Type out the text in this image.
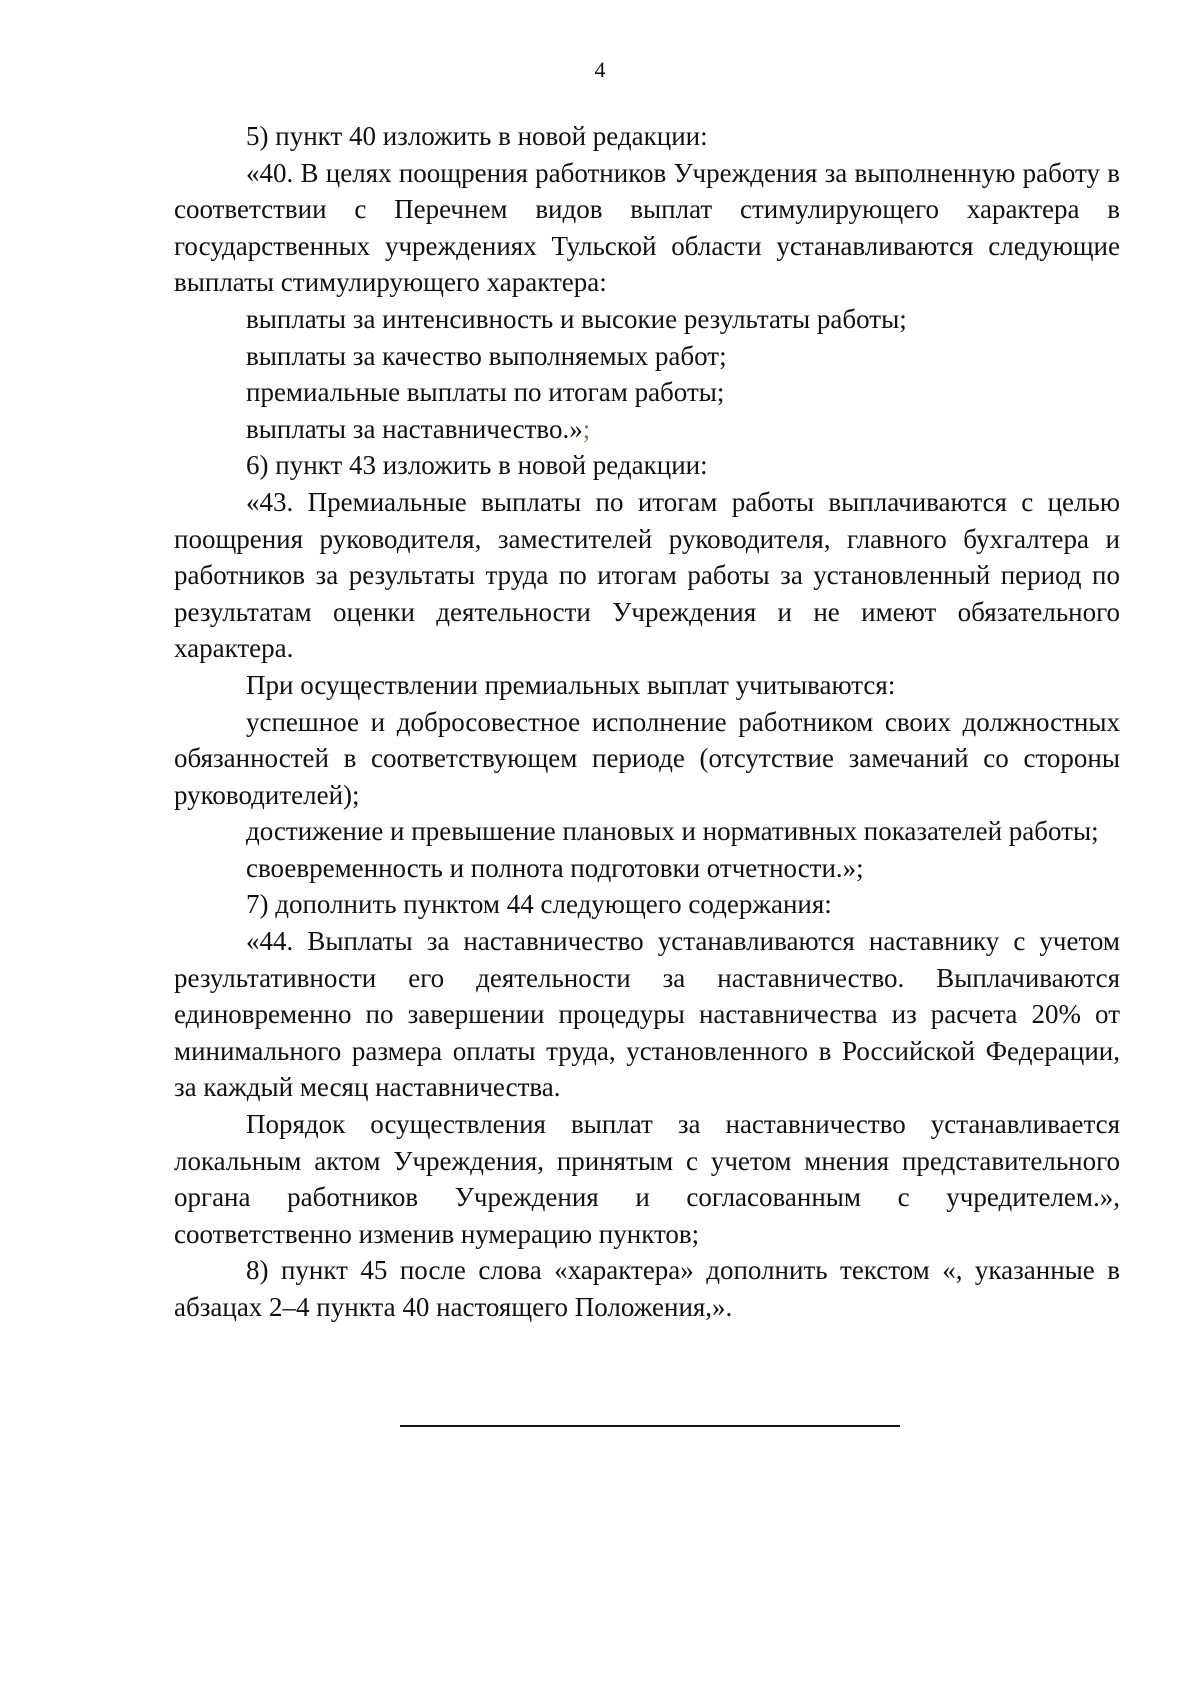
4

5) пункт 40 изложить в новой редакции:

«40. В целях поощрения работников Учреждения за выполненную работу в соответствии с Перечнем видов выплат стимулирующего характера в государственных учреждениях Тульской области устанавливаются следующие выплаты стимулирующего характера:

выплаты за интенсивность и высокие результаты работы;

выплаты за качество выполняемых работ;

премиальные выплаты по итогам работы;

выплаты за наставничество.»;

6) пункт 43 изложить в новой редакции:

«43. Премиальные выплаты по итогам работы выплачиваются с целью поощрения руководителя, заместителей руководителя, главного бухгалтера и работников за результаты труда по итогам работы за установленный период по результатам оценки деятельности Учреждения и не имеют обязательного характера.

При осуществлении премиальных выплат учитываются:

успешное и добросовестное исполнение работником своих должностных обязанностей в соответствующем периоде (отсутствие замечаний со стороны руководителей);

достижение и превышение плановых и нормативных показателей работы;

своевременность и полнота подготовки отчетности.»;

7) дополнить пунктом 44 следующего содержания:

«44. Выплаты за наставничество устанавливаются наставнику с учетом результативности его деятельности за наставничество. Выплачиваются единовременно по завершении процедуры наставничества из расчета 20% от минимального размера оплаты труда, установленного в Российской Федерации, за каждый месяц наставничества.

Порядок осуществления выплат за наставничество устанавливается локальным актом Учреждения, принятым с учетом мнения представительного органа работников Учреждения и согласованным с учредителем.», соответственно изменив нумерацию пунктов;

8) пункт 45 после слова «характера» дополнить текстом «, указанные в абзацах 2–4 пункта 40 настоящего Положения,».
